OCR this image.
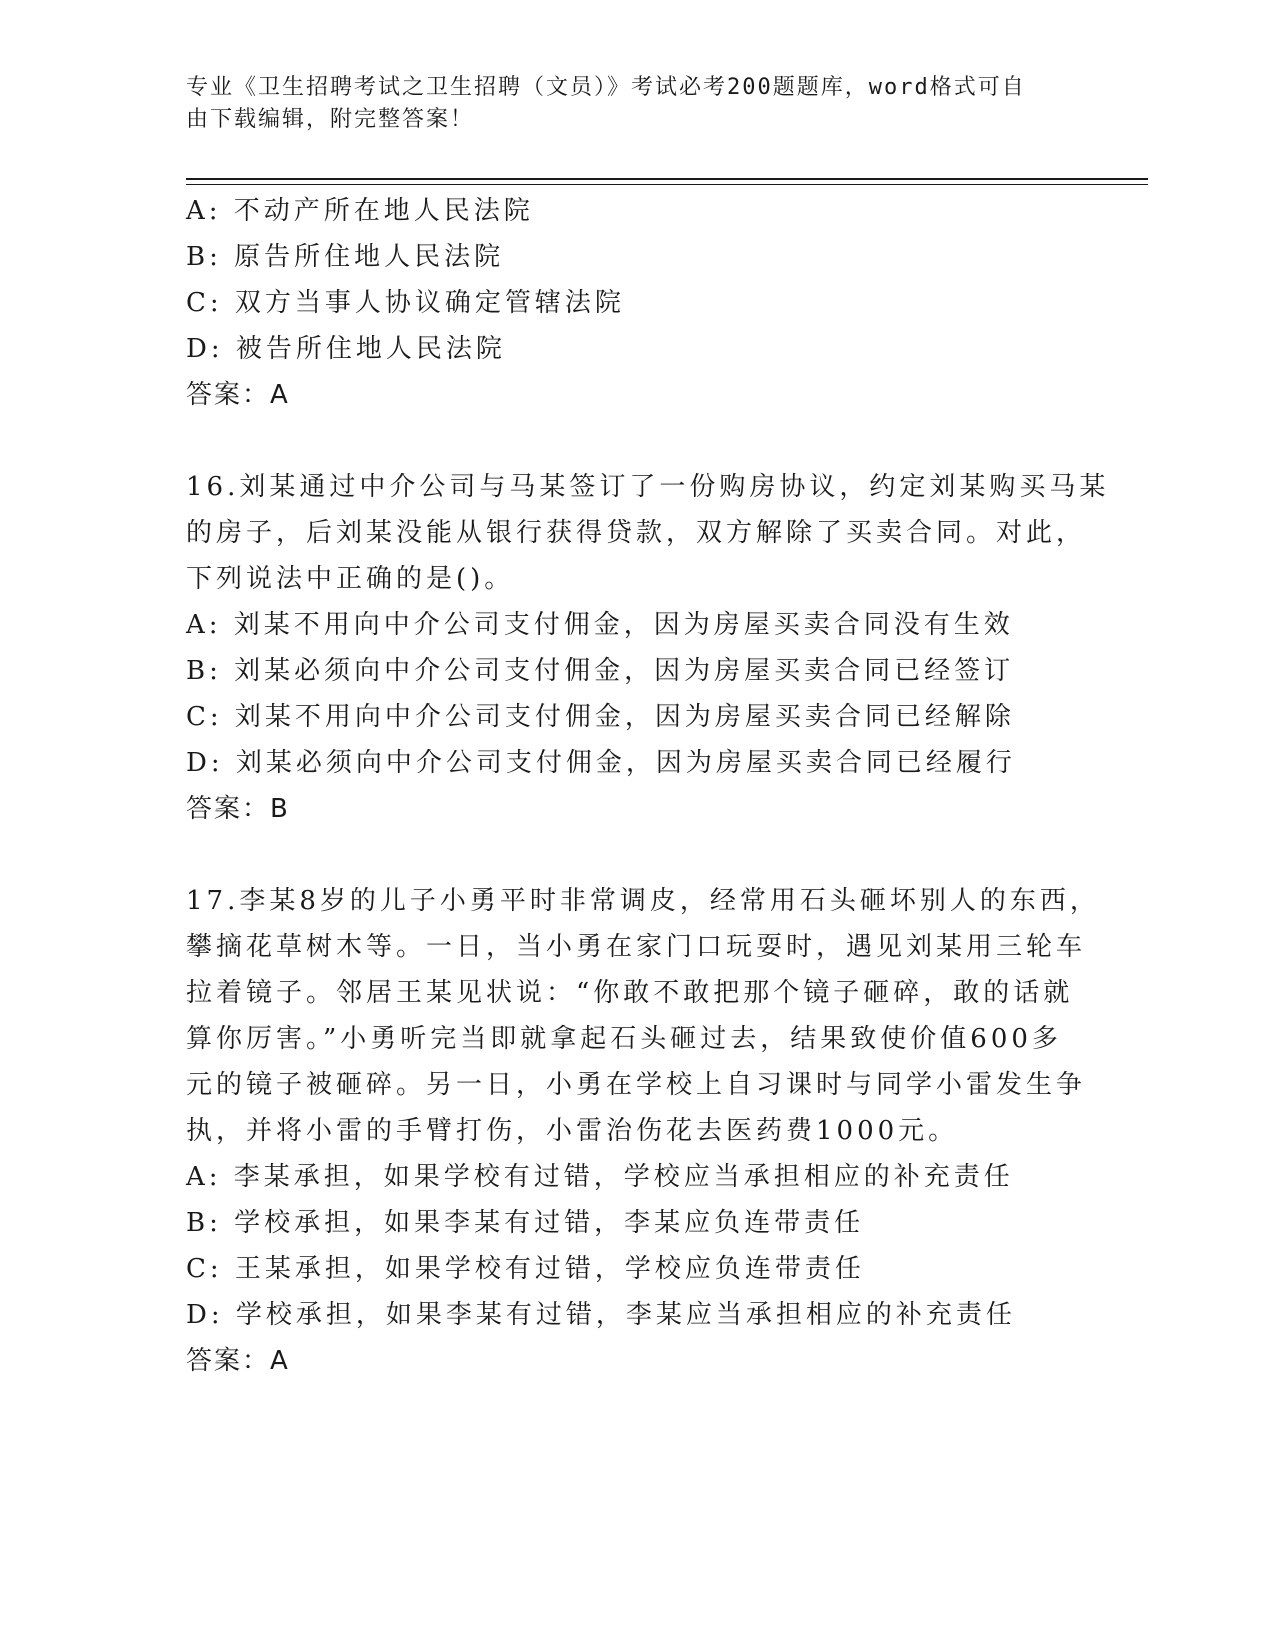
专业《卫生招聘考试之卫生招聘（文员）》考试必考200题题库，word格式可自
由下载编辑，附完整答案！
A: 不动产所在地人民法院
B: 原告所住地人民法院
C: 双方当事人协议确定管辖法院
D: 被告所住地人民法院
答案：A
16.刘某通过中介公司与马某签订了一份购房协议，约定刘某购买马某
的房子，后刘某没能从银行获得贷款，双方解除了买卖合同。对此，
下列说法中正确的是()。
A: 刘某不用向中介公司支付佣金，因为房屋买卖合同没有生效
B: 刘某必须向中介公司支付佣金，因为房屋买卖合同已经签订
C: 刘某不用向中介公司支付佣金，因为房屋买卖合同已经解除
D: 刘某必须向中介公司支付佣金，因为房屋买卖合同已经履行
答案：B
17.李某8岁的儿子小勇平时非常调皮，经常用石头砸坏别人的东西，
攀摘花草树木等。一日，当小勇在家门口玩耍时，遇见刘某用三轮车
拉着镜子。邻居王某见状说：“你敢不敢把那个镜子砸碎，敢的话就
算你厉害。”小勇听完当即就拿起石头砸过去，结果致使价值600多
元的镜子被砸碎。另一日，小勇在学校上自习课时与同学小雷发生争
执，并将小雷的手臂打伤，小雷治伤花去医药费1000元。
A: 李某承担，如果学校有过错，学校应当承担相应的补充责任
B: 学校承担，如果李某有过错，李某应负连带责任
C: 王某承担，如果学校有过错，学校应负连带责任
D: 学校承担，如果李某有过错，李某应当承担相应的补充责任
答案：A
